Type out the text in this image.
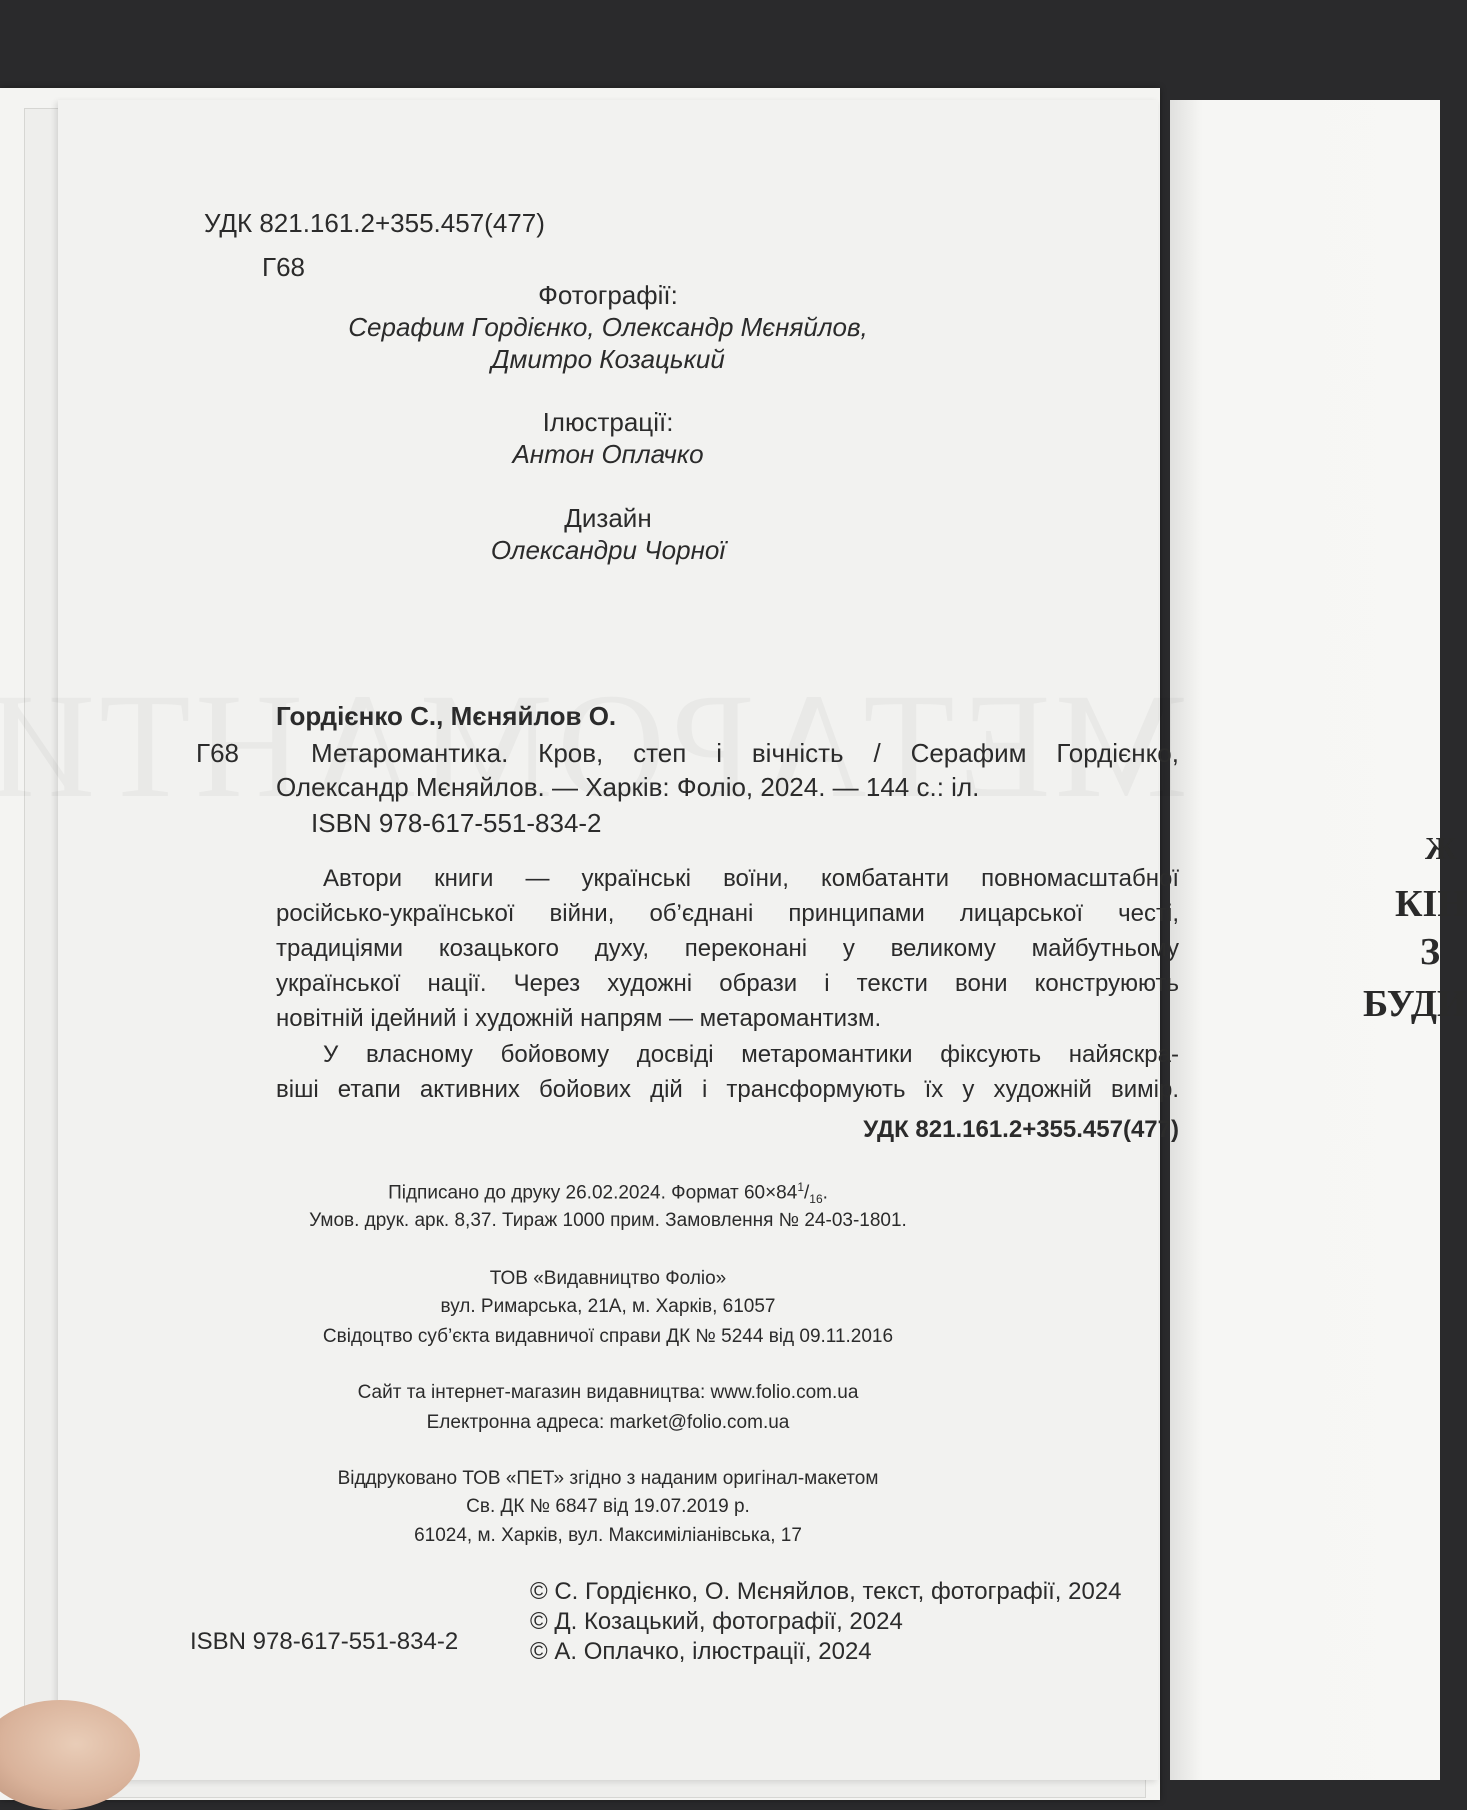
Ж
КІН
З
БУДИ
УДК 821.161.2+355.457(477)
Г68
Фотографії:
Серафим Гордієнко, Олександр Мєняйлов,
Дмитро Козацький
Ілюстрації:
Антон Оплачко
Дизайн
Олександри Чорної
Гордієнко С., Мєняйлов О.
Г68	Метаромантика. Кров, степ і вічність / Серафим Гордієнко,
Олександр Мєняйлов. — Харків: Фоліо, 2024. — 144 с.: іл.
ISBN 978-617-551-834-2
Автори книги — українські воїни, комбатанти повномасштабної
російсько-української війни, об’єднані принципами лицарської честі,
традиціями козацького духу, переконані у великому майбутньому
української нації. Через художні образи і тексти вони конструюють
новітній ідейний і художній напрям — метаромантизм.
У власному бойовому досвіді метаромантики фіксують найяскра-
віші етапи активних бойових дій і трансформують їх у художній вимір.
УДК 821.161.2+355.457(477)
Підписано до друку 26.02.2024. Формат $60\times 84^1/_{16}$.
Умов. друк. арк. 8,37. Тираж 1000 прим. Замовлення № 24-03-1801.
ТОВ «Видавництво Фоліо»
вул. Римарська, 21А, м. Харків, 61057
Свідоцтво суб’єкта видавничої справи ДК № 5244 від 09.11.2016
Сайт та інтернет-магазин видавництва: www.folio.com.ua
Електронна адреса: market@folio.com.ua
Віддруковано ТОВ «ПЕТ» згідно з наданим оригінал-макетом
Св. ДК № 6847 від 19.07.2019 р.
61024, м. Харків, вул. Максиміліанівська, 17
ISBN 978-617-551-834-2
© С. Гордієнко, О. Мєняйлов, текст, фотографії, 2024
© Д. Козацький, фотографії, 2024
© А. Оплачко, ілюстрації, 2024
